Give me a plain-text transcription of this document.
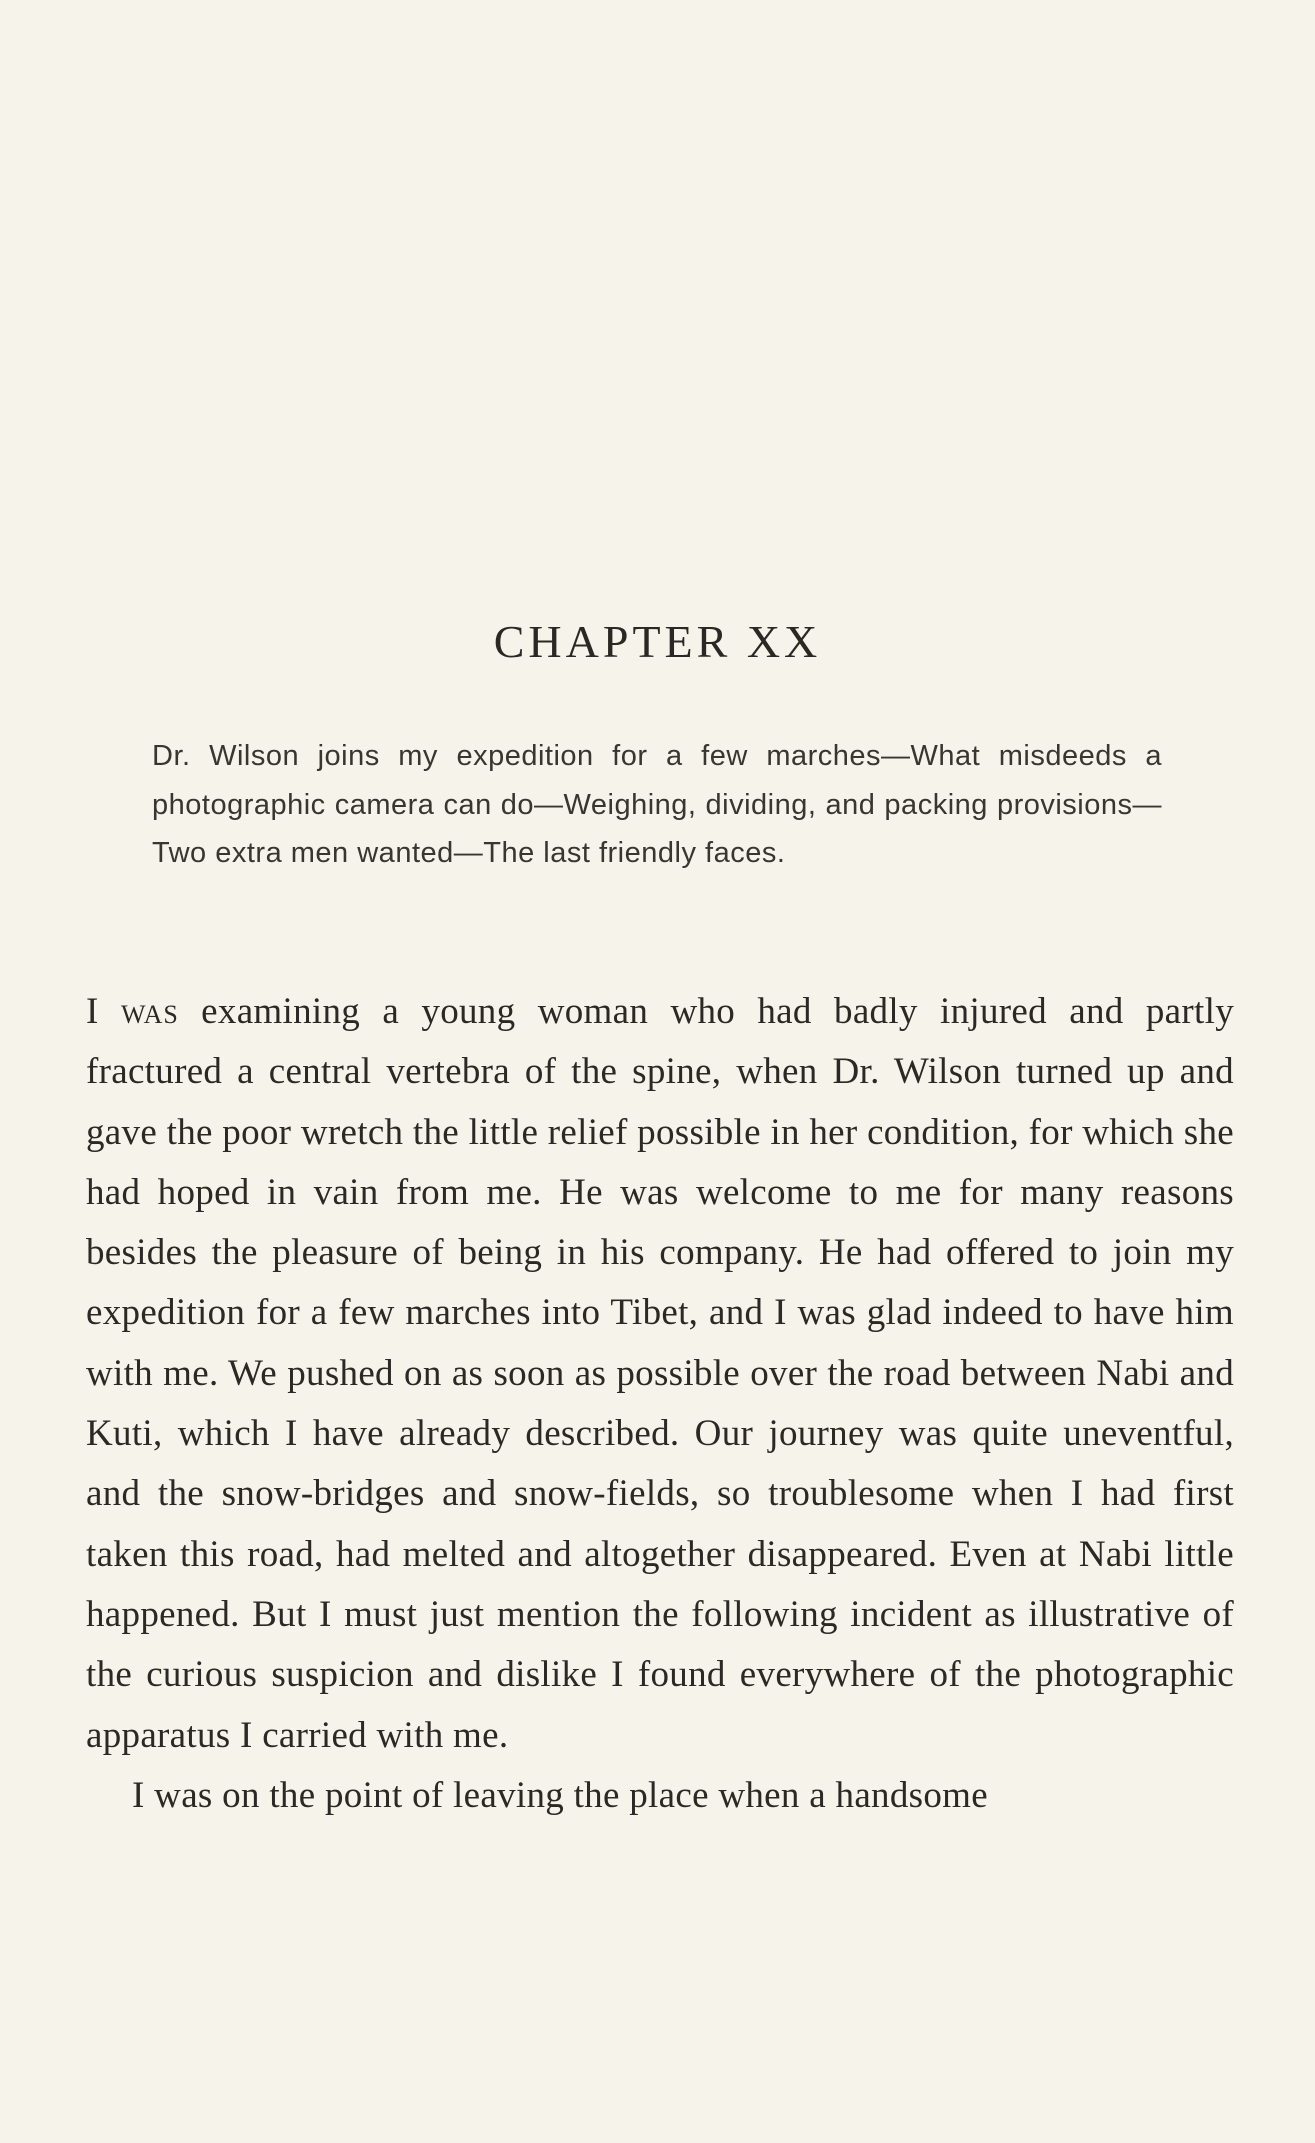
CHAPTER XX

Dr. Wilson joins my expedition for a few marches—What misdeeds a photographic camera can do—Weighing, dividing, and packing provisions—Two extra men wanted—The last friendly faces.

I was examining a young woman who had badly injured and partly fractured a central vertebra of the spine, when Dr. Wilson turned up and gave the poor wretch the little relief possible in her condition, for which she had hoped in vain from me. He was welcome to me for many reasons besides the pleasure of being in his company. He had offered to join my expedition for a few marches into Tibet, and I was glad indeed to have him with me. We pushed on as soon as possible over the road between Nabi and Kuti, which I have already described. Our journey was quite uneventful, and the snow-bridges and snow-fields, so troublesome when I had first taken this road, had melted and altogether disappeared. Even at Nabi little happened. But I must just mention the following incident as illustrative of the curious suspicion and dislike I found everywhere of the photographic apparatus I carried with me.

I was on the point of leaving the place when a handsome
